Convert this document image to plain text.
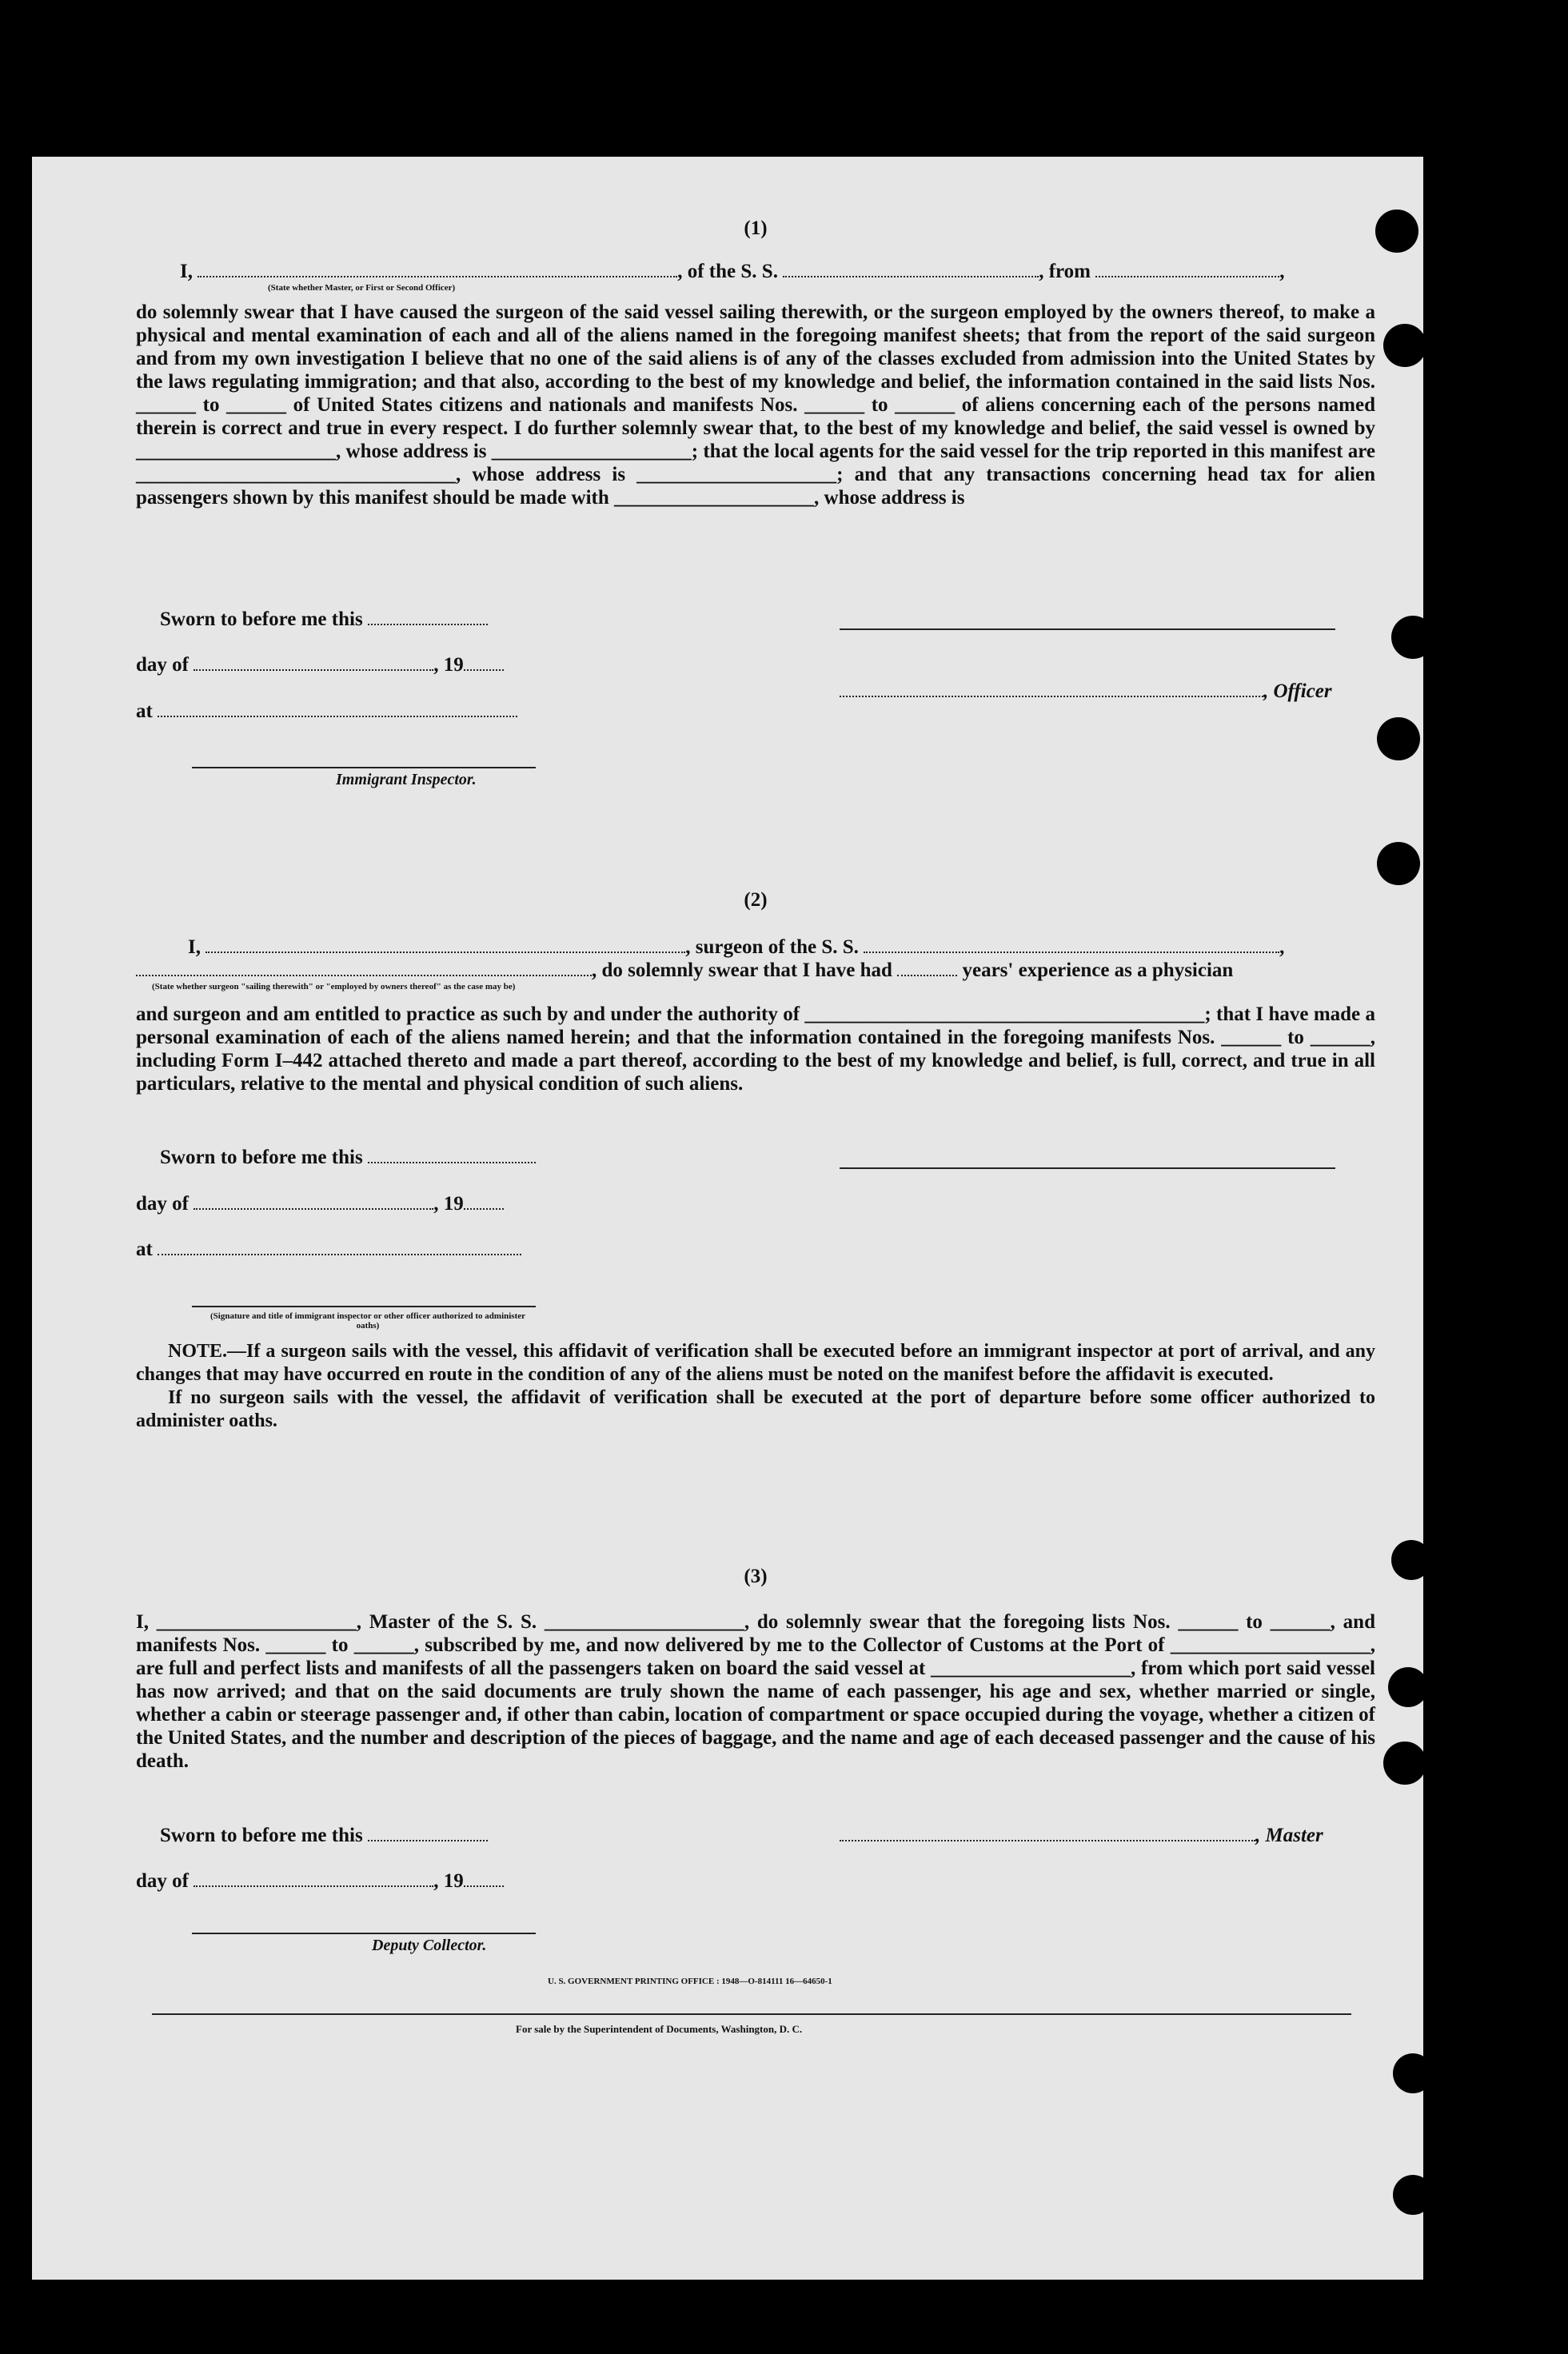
(1)
I,	, of the S. S.	, from	,
(State whether Master, or First or Second Officer)
do solemnly swear that I have caused the surgeon of the said vessel sailing therewith, or the surgeon employed by the owners thereof, to make a physical and mental examination of each and all of the aliens named in the foregoing manifest sheets; that from the report of the said surgeon and from my own investigation I believe that no one of the said aliens is of any of the classes excluded from admission into the United States by the laws regulating immigration; and that also, according to the best of my knowledge and belief, the information contained in the said lists Nos. ______ to ______ of United States citizens and nationals and manifests Nos. ______ to ______ of aliens concerning each of the persons named therein is correct and true in every respect. I do further solemnly swear that, to the best of my knowledge and belief, the said vessel is owned by ____________________, whose address is ____________________; that the local agents for the said vessel for the trip reported in this manifest are ________________________________, whose address is ____________________; and that any transactions concerning head tax for alien passengers shown by this manifest should be made with ____________________, whose address is
Sworn to before me this
day of	, 19
, Officer
at
Immigrant Inspector.
(2)
I,	, surgeon of the S. S.	,
, do solemnly swear that I have had	years' experience as a physician
(State whether surgeon "sailing therewith" or "employed by owners thereof" as the case may be)
and surgeon and am entitled to practice as such by and under the authority of ________________________________________; that I have made a personal examination of each of the aliens named herein; and that the information contained in the foregoing manifests Nos. ______ to ______, including Form I–442 attached thereto and made a part thereof, according to the best of my knowledge and belief, is full, correct, and true in all particulars, relative to the mental and physical condition of such aliens.
Sworn to before me this
day of	, 19
at
(Signature and title of immigrant inspector or other officer authorized to administer oaths)
NOTE.—If a surgeon sails with the vessel, this affidavit of verification shall be executed before an immigrant inspector at port of arrival, and any changes that may have occurred en route in the condition of any of the aliens must be noted on the manifest before the affidavit is executed.
If no surgeon sails with the vessel, the affidavit of verification shall be executed at the port of departure before some officer authorized to administer oaths.
(3)
I, ____________________, Master of the S. S. ____________________, do solemnly swear that the foregoing lists Nos. ______ to ______, and manifests Nos. ______ to ______, subscribed by me, and now delivered by me to the Collector of Customs at the Port of ____________________, are full and perfect lists and manifests of all the passengers taken on board the said vessel at ____________________, from which port said vessel has now arrived; and that on the said documents are truly shown the name of each passenger, his age and sex, whether married or single, whether a cabin or steerage passenger and, if other than cabin, location of compartment or space occupied during the voyage, whether a citizen of the United States, and the number and description of the pieces of baggage, and the name and age of each deceased passenger and the cause of his death.
Sworn to before me this	, Master
day of	, 19
Deputy Collector.
U. S. GOVERNMENT PRINTING OFFICE : 1948—O-814111 16—64650-1
For sale by the Superintendent of Documents, Washington, D. C.
